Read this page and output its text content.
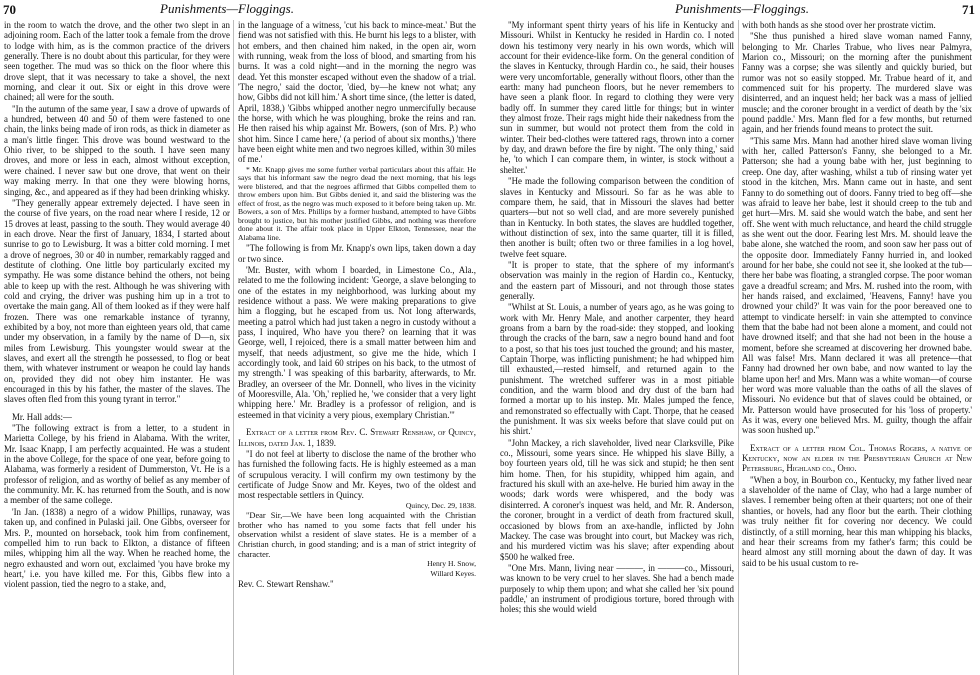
70	Punishments—Floggings.

in the room to watch the drove, and the other two slept in an adjoining room. Each of the latter took a female from the drove to lodge with him, as is the common practice of the drivers generally. There is no doubt about this particular, for they were seen together. The mud was so thick on the floor where this drove slept, that it was necessary to take a shovel, the next morning, and clear it out. Six or eight in this drove were chained; all were for the south.

"In the autumn of the same year, I saw a drove of upwards of a hundred, between 40 and 50 of them were fastened to one chain, the links being made of iron rods, as thick in diameter as a man's little finger. This drove was bound westward to the Ohio river, to be shipped to the south. I have seen many droves, and more or less in each, almost without exception, were chained. I never saw but one drove, that went on their way making merry. In that one they were blowing horns, singing, &c., and appeared as if they had been drinking whisky.

"They generally appear extremely dejected. I have seen in the course of five years, on the road near where I reside, 12 or 15 droves at least, passing to the south. They would average 40 in each drove. Near the first of January, 1834, I started about sunrise to go to Lewisburg. It was a bitter cold morning. I met a drove of negroes, 30 or 40 in number, remarkably ragged and destitute of clothing. One little boy particularly excited my sympathy. He was some distance behind the others, not being able to keep up with the rest. Although he was shivering with cold and crying, the driver was pushing him up in a trot to overtake the main gang. All of them looked as if they were half frozen. There was one remarkable instance of tyranny, exhibited by a boy, not more than eighteen years old, that came under my observation, in a family by the name of D—n, six miles from Lewisburg. This youngster would swear at the slaves, and exert all the strength he possessed, to flog or beat them, with whatever instrument or weapon he could lay hands on, provided they did not obey him instanter. He was encouraged in this by his father, the master of the slaves. The slaves often fled from this young tyrant in terror."

Mr. Hall adds:—

"The following extract is from a letter, to a student in Marietta College, by his friend in Alabama. With the writer, Mr. Isaac Knapp, I am perfectly acquainted. He was a student in the above College, for the space of one year, before going to Alabama, was formerly a resident of Dummerston, Vt. He is a professor of religion, and as worthy of belief as any member of the community. Mr. K. has returned from the South, and is now a member of the same college.

'In Jan. (1838) a negro of a widow Phillips, runaway, was taken up, and confined in Pulaski jail. One Gibbs, overseer for Mrs. P., mounted on horseback, took him from confinement, compelled him to run back to Elkton, a distance of fifteen miles, whipping him all the way. When he reached home, the negro exhausted and worn out, exclaimed 'you have broke my heart,' i.e. you have killed me. For this, Gibbs flew into a violent passion, tied the negro to a stake, and,

in the language of a witness, 'cut his back to mince-meat.' But the fiend was not satisfied with this. He burnt his legs to a blister, with hot embers, and then chained him naked, in the open air, worn with running, weak from the loss of blood, and smarting from his burns. It was a cold night—and in the morning the negro was dead. Yet this monster escaped without even the shadow of a trial. 'The negro,' said the doctor, 'died, by—he knew not what; any how, Gibbs did not kill him.' A short time since, (the letter is dated, April, 1838,) 'Gibbs whipped another negro unmercifully because the horse, with which he was ploughing, broke the reins and ran. He then raised his whip against Mr. Bowers, (son of Mrs. P.) who shot him. Since I came here,' (a period of about six months,) 'there have been eight white men and two negroes killed, within 30 miles of me.'

* Mr. Knapp gives me some further verbal particulars about this affair. He says that his informant saw the negro dead the next morning, that his legs were blistered, and that the negroes affirmed that Gibbs compelled them to throw embers upon him. But Gibbs denied it, and said the blistering was the effect of frost, as the negro was much exposed to it before being taken up. Mr. Bowers, a son of Mrs. Phillips by a former husband, attempted to have Gibbs brought to justice, but his mother justified Gibbs, and nothing was therefore done about it. The affair took place in Upper Elkton, Tennessee, near the Alabama line.

"The following is from Mr. Knapp's own lips, taken down a day or two since.

'Mr. Buster, with whom I boarded, in Limestone Co., Ala., related to me the following incident: 'George, a slave belonging to one of the estates in my neighborhood, was lurking about my residence without a pass. We were making preparations to give him a flogging, but he escaped from us. Not long afterwards, meeting a patrol which had just taken a negro in custody without a pass, I inquired, Who have you there? on learning that it was George, well, I rejoiced, there is a small matter between him and myself, that needs adjustment, so give me the hide, which I accordingly took, and laid 60 stripes on his back, to the utmost of my strength.' I was speaking of this barbarity, afterwards, to Mr. Bradley, an overseer of the Mr. Donnell, who lives in the vicinity of Mooresville, Ala. 'Oh,' replied he, 'we consider that a very light whipping here.' Mr. Bradley is a professor of religion, and is esteemed in that vicinity a very pious, exemplary Christian.'"

Extract of a letter from Rev. C. Stewart Renshaw, of Quincy, Illinois, dated Jan. 1, 1839.

"I do not feel at liberty to disclose the name of the brother who has furnished the following facts. He is highly esteemed as a man of scrupulous veracity. I will confirm my own testimony by the certificate of Judge Snow and Mr. Keyes, two of the oldest and most respectable settlers in Quincy.

Quincy, Dec. 29, 1838.

"Dear Sir,—We have been long acquainted with the Christian brother who has named to you some facts that fell under his observation whilst a resident of slave states. He is a member of a Christian church, in good standing; and is a man of strict integrity of character.

Henry H. Snow,

Willard Keyes.

Rev. C. Stewart Renshaw."

Punishments—Floggings.	71

"My informant spent thirty years of his life in Kentucky and Missouri. Whilst in Kentucky he resided in Hardin co. I noted down his testimony very nearly in his own words, which will account for their evidence-like form. On the general condition of the slaves in Kentucky, through Hardin co., he said, their houses were very uncomfortable, generally without floors, other than the earth: many had puncheon floors, but he never remembers to have seen a plank floor. In regard to clothing they were very badly off. In summer they cared little for things; but in winter they almost froze. Their rags might hide their nakedness from the sun in summer, but would not protect them from the cold in winter. Their bed-clothes were tattered rags, thrown into a corner by day, and drawn before the fire by night. 'The only thing,' said he, 'to which I can compare them, in winter, is stock without a shelter.'

"He made the following comparison between the condition of slaves in Kentucky and Missouri. So far as he was able to compare them, he said, that in Missouri the slaves had better quarters—but not so well clad, and are more severely punished than in Kentucky. In both states, the slaves are huddled together, without distinction of sex, into the same quarter, till it is filled, then another is built; often two or three families in a log hovel, twelve feet square.

"It is proper to state, that the sphere of my informant's observation was mainly in the region of Hardin co., Kentucky, and the eastern part of Missouri, and not through those states generally.

"Whilst at St. Louis, a number of years ago, as he was going to work with Mr. Henry Male, and another carpenter, they heard groans from a barn by the road-side: they stopped, and looking through the cracks of the barn, saw a negro bound hand and foot to a post, so that his toes just touched the ground; and his master, Captain Thorpe, was inflicting punishment; he had whipped him till exhausted,—rested himself, and returned again to the punishment. The wretched sufferer was in a most pitiable condition, and the warm blood and dry dust of the barn had formed a mortar up to his instep. Mr. Males jumped the fence, and remonstrated so effectually with Capt. Thorpe, that he ceased the punishment. It was six weeks before that slave could put on his shirt.'

"John Mackey, a rich slaveholder, lived near Clarksville, Pike co., Missouri, some years since. He whipped his slave Billy, a boy fourteen years old, till he was sick and stupid; he then sent him home. Then, for his stupidity, whipped him again, and fractured his skull with an axe-helve. He buried him away in the woods; dark words were whispered, and the body was disinterred. A coroner's inquest was held, and Mr. R. Anderson, the coroner, brought in a verdict of death from fractured skull, occasioned by blows from an axe-handle, inflicted by John Mackey. The case was brought into court, but Mackey was rich, and his murdered victim was his slave; after expending about $500 he walked free.

"One Mrs. Mann, living near ———, in ———co., Missouri, was known to be very cruel to her slaves. She had a bench made purposely to whip them upon; and what she called her 'six pound paddle,' an instrument of prodigious torture, bored through with holes; this she would wield

with both hands as she stood over her prostrate victim.

"She thus punished a hired slave woman named Fanny, belonging to Mr. Charles Trabue, who lives near Palmyra, Marion co., Missouri; on the morning after the punishment Fanny was a corpse; she was silently and quickly buried, but rumor was not so easily stopped. Mr. Trabue heard of it, and commenced suit for his property. The murdered slave was disinterred, and an inquest held; her back was a mass of jellied muscle; and the coroner brought in a verdict of death by the 'six pound paddle.' Mrs. Mann fled for a few months, but returned again, and her friends found means to protect the suit.

"This same Mrs. Mann had another hired slave woman living with her, called Patterson's Fanny, she belonged to a Mr. Patterson; she had a young babe with her, just beginning to creep. One day, after washing, whilst a tub of rinsing water yet stood in the kitchen, Mrs. Mann came out in haste, and sent Fanny to do something out of doors. Fanny tried to beg off—she was afraid to leave her babe, lest it should creep to the tub and get hurt—Mrs. M. said she would watch the babe, and sent her off. She went with much reluctance, and heard the child struggle as she went out the door. Fearing lest Mrs. M. should leave the babe alone, she watched the room, and soon saw her pass out of the opposite door. Immediately Fanny hurried in, and looked around for her babe, she could not see it, she looked at the tub—there her babe was floating, a strangled corpse. The poor woman gave a dreadful scream; and Mrs. M. rushed into the room, with her hands raised, and exclaimed, 'Heavens, Fanny! have you drowned your child?' It was vain for the poor bereaved one to attempt to vindicate herself: in vain she attempted to convince them that the babe had not been alone a moment, and could not have drowned itself; and that she had not been in the house a moment, before she screamed at discovering her drowned babe. All was false! Mrs. Mann declared it was all pretence—that Fanny had drowned her own babe, and now wanted to lay the blame upon her! and Mrs. Mann was a white woman—of course her word was more valuable than the oaths of all the slaves of Missouri. No evidence but that of slaves could be obtained, or Mr. Patterson would have prosecuted for his 'loss of property.' As it was, every one believed Mrs. M. guilty, though the affair was soon hushed up."

Extract of a letter from Col. Thomas Rogers, a native of Kentucky, now an elder in the Presbyterian Church at New Petersburg, Highland co., Ohio.

"When a boy, in Bourbon co., Kentucky, my father lived near a slaveholder of the name of Clay, who had a large number of slaves. I remember being often at their quarters; not one of their shanties, or hovels, had any floor but the earth. Their clothing was truly neither fit for covering nor decency. We could distinctly, of a still morning, hear this man whipping his blacks, and hear their screams from my father's farm; this could be heard almost any still morning about the dawn of day. It was said to be his usual custom to re-
